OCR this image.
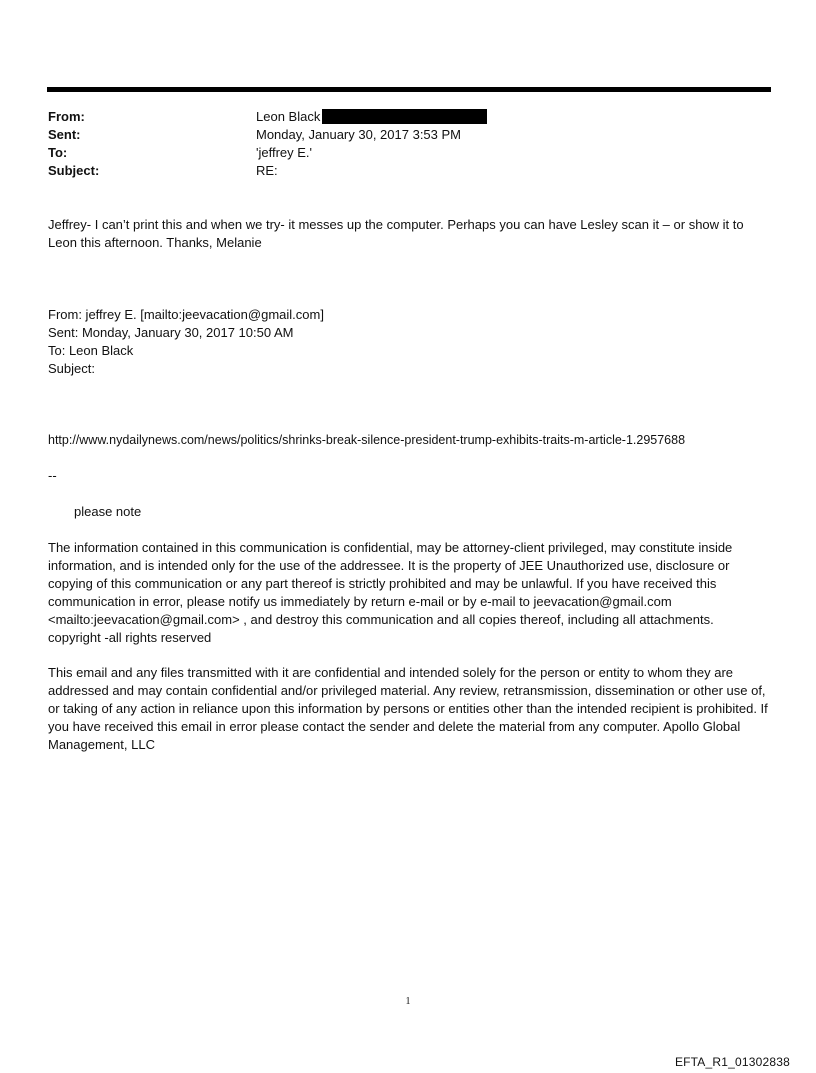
From:	Leon Black
Sent:	Monday, January 30, 2017 3:53 PM
To:	'jeffrey E.'
Subject:	RE:
Jeffrey- I can’t print this and when we try- it messes up the computer. Perhaps you can have Lesley scan it – or show it to Leon this afternoon. Thanks, Melanie
From: jeffrey E. [mailto:jeevacation@gmail.com]
Sent: Monday, January 30, 2017 10:50 AM
To: Leon Black
Subject:
http://www.nydailynews.com/news/politics/shrinks-break-silence-president-trump-exhibits-traits-m-article-1.2957688
--
please note
The information contained in this communication is confidential, may be attorney-client privileged, may constitute inside information, and is intended only for the use of the addressee. It is the property of JEE Unauthorized use, disclosure or copying of this communication or any part thereof is strictly prohibited and may be unlawful. If you have received this communication in error, please notify us immediately by return e-mail or by e-mail to jeevacation@gmail.com <mailto:jeevacation@gmail.com> , and destroy this communication and all copies thereof, including all attachments. copyright -all rights reserved
This email and any files transmitted with it are confidential and intended solely for the person or entity to whom they are addressed and may contain confidential and/or privileged material. Any review, retransmission, dissemination or other use of, or taking of any action in reliance upon this information by persons or entities other than the intended recipient is prohibited. If you have received this email in error please contact the sender and delete the material from any computer. Apollo Global Management, LLC
1
EFTA_R1_01302838
